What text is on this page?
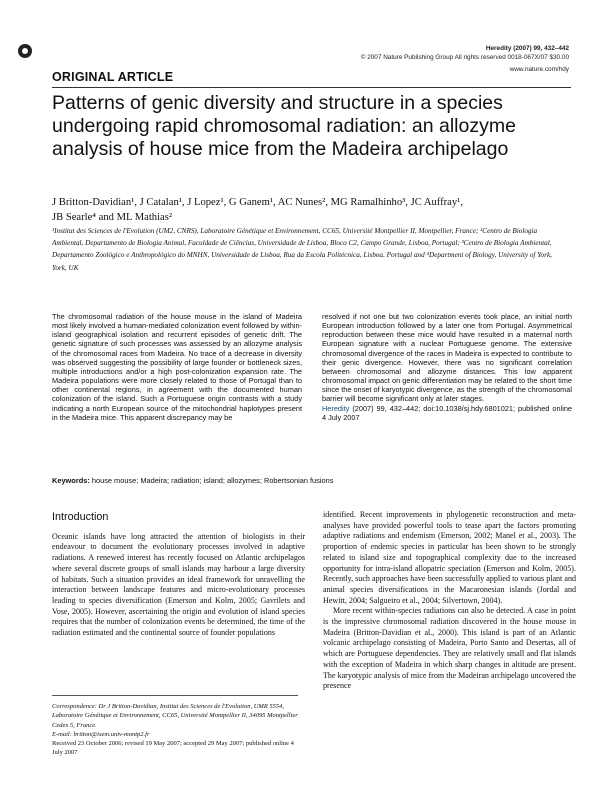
Heredity (2007) 99, 432–442
© 2007 Nature Publishing Group All rights reserved 0018-067X/07 $30.00
www.nature.com/hdy
ORIGINAL ARTICLE
Patterns of genic diversity and structure in a species undergoing rapid chromosomal radiation: an allozyme analysis of house mice from the Madeira archipelago
J Britton-Davidian¹, J Catalan¹, J Lopez¹, G Ganem¹, AC Nunes², MG Ramalhinho³, JC Auffray¹,
JB Searle⁴ and ML Mathias²
¹Institut des Sciences de l'Evolution (UM2, CNRS), Laboratoire Génétique et Environnement, CC65, Université Montpellier II, Montpellier, France; ²Centro de Biologia Ambiental, Departamento de Biologia Animal, Faculdade de Ciências, Universidade de Lisboa, Bloco C2, Campo Grande, Lisboa, Portugal; ³Centro de Biologia Ambiental, Departamento Zoológico e Anthropológico do MNHN, Universidade de Lisboa, Rua da Escola Politécnica, Lisboa, Portugal and ⁴Department of Biology, University of York, York, UK

The chromosomal radiation of the house mouse in the island of Madeira most likely involved a human-mediated colonization event followed by within-island geographical isolation and recurrent episodes of genetic drift. The genetic signature of such processes was assessed by an allozyme analysis of the chromosomal races from Madeira. No trace of a decrease in diversity was observed suggesting the possibility of large founder or bottleneck sizes, multiple introductions and/or a high post-colonization expansion rate. The Madeira populations were more closely related to those of Portugal than to other continental regions, in agreement with the documented human colonization of the island. Such a Portuguese origin contrasts with a study indicating a north European source of the mitochondrial haplotypes present in the Madeira mice. This apparent discrepancy may be

resolved if not one but two colonization events took place, an initial north European introduction followed by a later one from Portugal. Asymmetrical reproduction between these mice would have resulted in a maternal north European signature with a nuclear Portuguese genome. The extensive chromosomal divergence of the races in Madeira is expected to contribute to their genic divergence. However, there was no significant correlation between chromosomal and allozyme distances. This low apparent chromosomal impact on genic differentiation may be related to the short time since the onset of karyotypic divergence, as the strength of the chromosomal barrier will become significant only at later stages.

Heredity (2007) 99, 432–442; doi:10.1038/sj.hdy.6801021; published online 4 July 2007

Keywords: house mouse; Madeira; radiation; island; allozymes; Robertsonian fusions
Introduction

Oceanic islands have long attracted the attention of biologists in their endeavour to document the evolutionary processes involved in adaptive radiations. A renewed interest has recently focused on Atlantic archipelagos where several discrete groups of small islands may harbour a large diversity of habitats. Such a situation provides an ideal framework for unravelling the interaction between landscape features and micro-evolutionary processes leading to species diversification (Emerson and Kolm, 2005; Gavrilets and Vose, 2005). However, ascertaining the origin and evolution of island species requires that the number of colonization events be determined, the time of the radiation estimated and the continental source of founder populations

identified. Recent improvements in phylogenetic reconstruction and meta-analyses have provided powerful tools to tease apart the factors promoting adaptive radiations and endemism (Emerson, 2002; Manel et al., 2003). The proportion of endemic species in particular has been shown to be strongly related to island size and topographical complexity due to the increased opportunity for intra-island allopatric speciation (Emerson and Kolm, 2005). Recently, such approaches have been successfully applied to various plant and animal species diversifications in the Macaronesian islands (Jordal and Hewitt, 2004; Salgueiro et al., 2004; Silvertown, 2004).

More recent within-species radiations can also be detected. A case in point is the impressive chromosomal radiation discovered in the house mouse in Madeira (Britton-Davidian et al., 2000). This island is part of an Atlantic volcanic archipelago consisting of Madeira, Porto Santo and Desertas, all of which are Portuguese dependencies. They are relatively small and flat islands with the exception of Madeira in which sharp changes in altitude are present. The karyotypic analysis of mice from the Madeiran archipelago uncovered the presence

Correspondence: Dr J Britton-Davidian, Institut des Sciences de l'Evolution, UMR 5554, Laboratoire Génétique et Environnement, CC65, Université Montpellier II, 34095 Montpellier Cedex 5, France.
E-mail: britton@isem.univ-montp2.fr
Received 23 October 2006; revised 19 May 2007; accepted 29 May 2007; published online 4 July 2007
